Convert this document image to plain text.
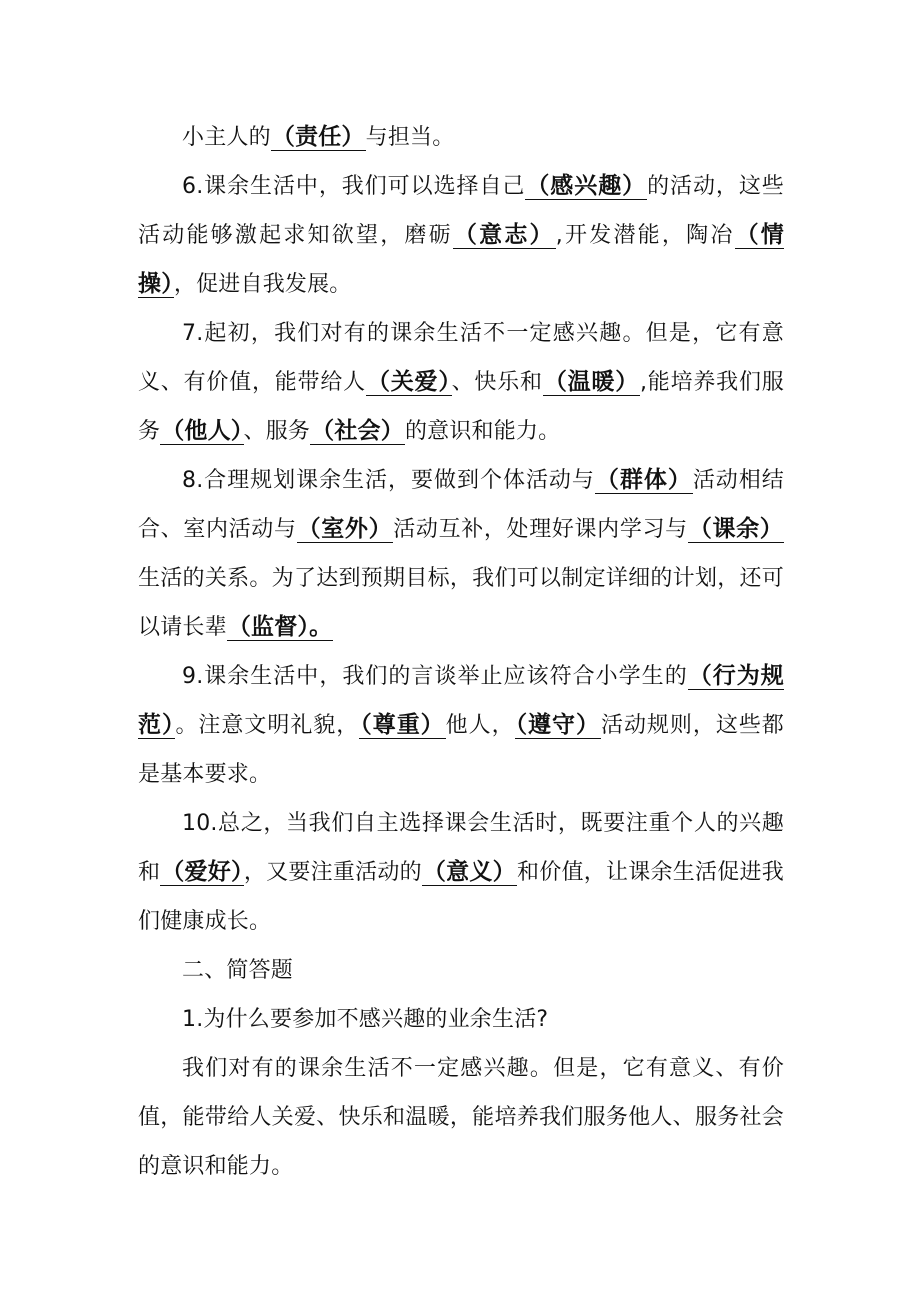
小主人的（责任）与担当。

6.课余生活中，我们可以选择自己（感兴趣）的活动，这些活动能够激起求知欲望，磨砺（意志）,开发潜能，陶冶（情操），促进自我发展。

7.起初，我们对有的课余生活不一定感兴趣。但是，它有意义、有价值，能带给人（关爱）、快乐和（温暖）,能培养我们服务（他人）、服务（社会）的意识和能力。

8.合理规划课余生活，要做到个体活动与（群体）活动相结合、室内活动与（室外）活动互补，处理好课内学习与（课余）生活的关系。为了达到预期目标，我们可以制定详细的计划，还可以请长辈（监督）。

9.课余生活中，我们的言谈举止应该符合小学生的（行为规范）。注意文明礼貌，（尊重）他人，（遵守）活动规则，这些都是基本要求。

10.总之，当我们自主选择课会生活时，既要注重个人的兴趣和（爱好），又要注重活动的（意义）和价值，让课余生活促进我们健康成长。

二、简答题

1.为什么要参加不感兴趣的业余生活?

我们对有的课余生活不一定感兴趣。但是，它有意义、有价值，能带给人关爱、快乐和温暖，能培养我们服务他人、服务社会的意识和能力。
